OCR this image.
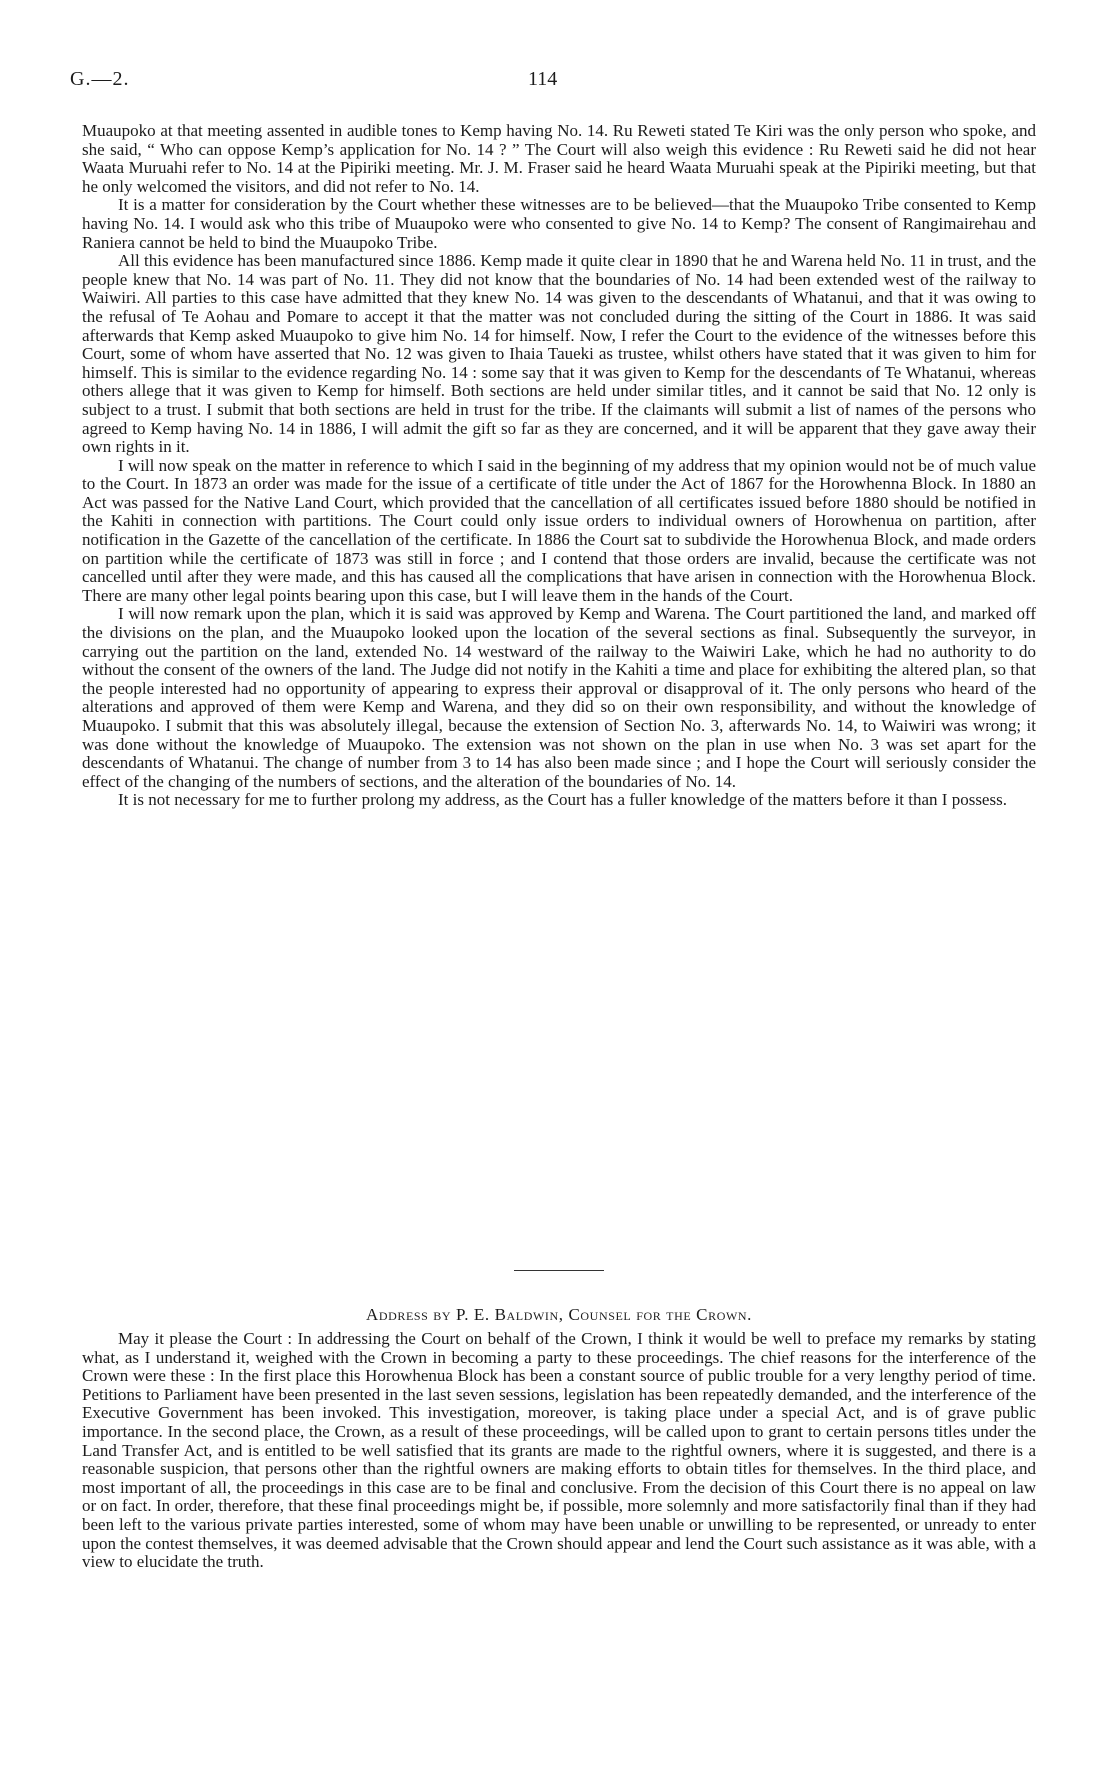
G.—2.	114

Muaupoko at that meeting assented in audible tones to Kemp having No. 14. Ru Reweti stated Te Kiri was the only person who spoke, and she said, “ Who can oppose Kemp’s application for No. 14 ? ” The Court will also weigh this evidence : Ru Reweti said he did not hear Waata Muruahi refer to No. 14 at the Pipiriki meeting. Mr. J. M. Fraser said he heard Waata Muruahi speak at the Pipiriki meeting, but that he only welcomed the visitors, and did not refer to No. 14.

It is a matter for consideration by the Court whether these witnesses are to be believed—that the Muaupoko Tribe consented to Kemp having No. 14. I would ask who this tribe of Muaupoko were who consented to give No. 14 to Kemp? The consent of Rangimairehau and Raniera cannot be held to bind the Muaupoko Tribe.

All this evidence has been manufactured since 1886. Kemp made it quite clear in 1890 that he and Warena held No. 11 in trust, and the people knew that No. 14 was part of No. 11. They did not know that the boundaries of No. 14 had been extended west of the railway to Waiwiri. All parties to this case have admitted that they knew No. 14 was given to the descendants of Whatanui, and that it was owing to the refusal of Te Aohau and Pomare to accept it that the matter was not concluded during the sitting of the Court in 1886. It was said afterwards that Kemp asked Muaupoko to give him No. 14 for himself. Now, I refer the Court to the evidence of the witnesses before this Court, some of whom have asserted that No. 12 was given to Ihaia Taueki as trustee, whilst others have stated that it was given to him for himself. This is similar to the evidence regarding No. 14 : some say that it was given to Kemp for the descendants of Te Whatanui, whereas others allege that it was given to Kemp for himself. Both sections are held under similar titles, and it cannot be said that No. 12 only is subject to a trust. I submit that both sections are held in trust for the tribe. If the claimants will submit a list of names of the persons who agreed to Kemp having No. 14 in 1886, I will admit the gift so far as they are concerned, and it will be apparent that they gave away their own rights in it.

I will now speak on the matter in reference to which I said in the beginning of my address that my opinion would not be of much value to the Court. In 1873 an order was made for the issue of a certificate of title under the Act of 1867 for the Horowhenna Block. In 1880 an Act was passed for the Native Land Court, which provided that the cancellation of all certificates issued before 1880 should be notified in the Kahiti in connection with partitions. The Court could only issue orders to individual owners of Horowhenua on partition, after notification in the Gazette of the cancellation of the certificate. In 1886 the Court sat to subdivide the Horowhenua Block, and made orders on partition while the certificate of 1873 was still in force ; and I contend that those orders are invalid, because the certificate was not cancelled until after they were made, and this has caused all the complications that have arisen in connection with the Horowhenua Block. There are many other legal points bearing upon this case, but I will leave them in the hands of the Court.

I will now remark upon the plan, which it is said was approved by Kemp and Warena. The Court partitioned the land, and marked off the divisions on the plan, and the Muaupoko looked upon the location of the several sections as final. Subsequently the surveyor, in carrying out the partition on the land, extended No. 14 westward of the railway to the Waiwiri Lake, which he had no authority to do without the consent of the owners of the land. The Judge did not notify in the Kahiti a time and place for exhibiting the altered plan, so that the people interested had no opportunity of appearing to express their approval or disapproval of it. The only persons who heard of the alterations and approved of them were Kemp and Warena, and they did so on their own responsibility, and without the knowledge of Muaupoko. I submit that this was absolutely illegal, because the extension of Section No. 3, afterwards No. 14, to Waiwiri was wrong; it was done without the knowledge of Muaupoko. The extension was not shown on the plan in use when No. 3 was set apart for the descendants of Whatanui. The change of number from 3 to 14 has also been made since ; and I hope the Court will seriously consider the effect of the changing of the numbers of sections, and the alteration of the boundaries of No. 14.

It is not necessary for me to further prolong my address, as the Court has a fuller knowledge of the matters before it than I possess.

Address by P. E. Baldwin, Counsel for the Crown.

May it please the Court : In addressing the Court on behalf of the Crown, I think it would be well to preface my remarks by stating what, as I understand it, weighed with the Crown in becoming a party to these proceedings. The chief reasons for the interference of the Crown were these : In the first place this Horowhenua Block has been a constant source of public trouble for a very lengthy period of time. Petitions to Parliament have been presented in the last seven sessions, legislation has been repeatedly demanded, and the interference of the Executive Government has been invoked. This investigation, moreover, is taking place under a special Act, and is of grave public importance. In the second place, the Crown, as a result of these proceedings, will be called upon to grant to certain persons titles under the Land Transfer Act, and is entitled to be well satisfied that its grants are made to the rightful owners, where it is suggested, and there is a reasonable suspicion, that persons other than the rightful owners are making efforts to obtain titles for themselves. In the third place, and most important of all, the proceedings in this case are to be final and conclusive. From the decision of this Court there is no appeal on law or on fact. In order, therefore, that these final proceedings might be, if possible, more solemnly and more satisfactorily final than if they had been left to the various private parties interested, some of whom may have been unable or unwilling to be represented, or unready to enter upon the contest themselves, it was deemed advisable that the Crown should appear and lend the Court such assistance as it was able, with a view to elucidate the truth.
